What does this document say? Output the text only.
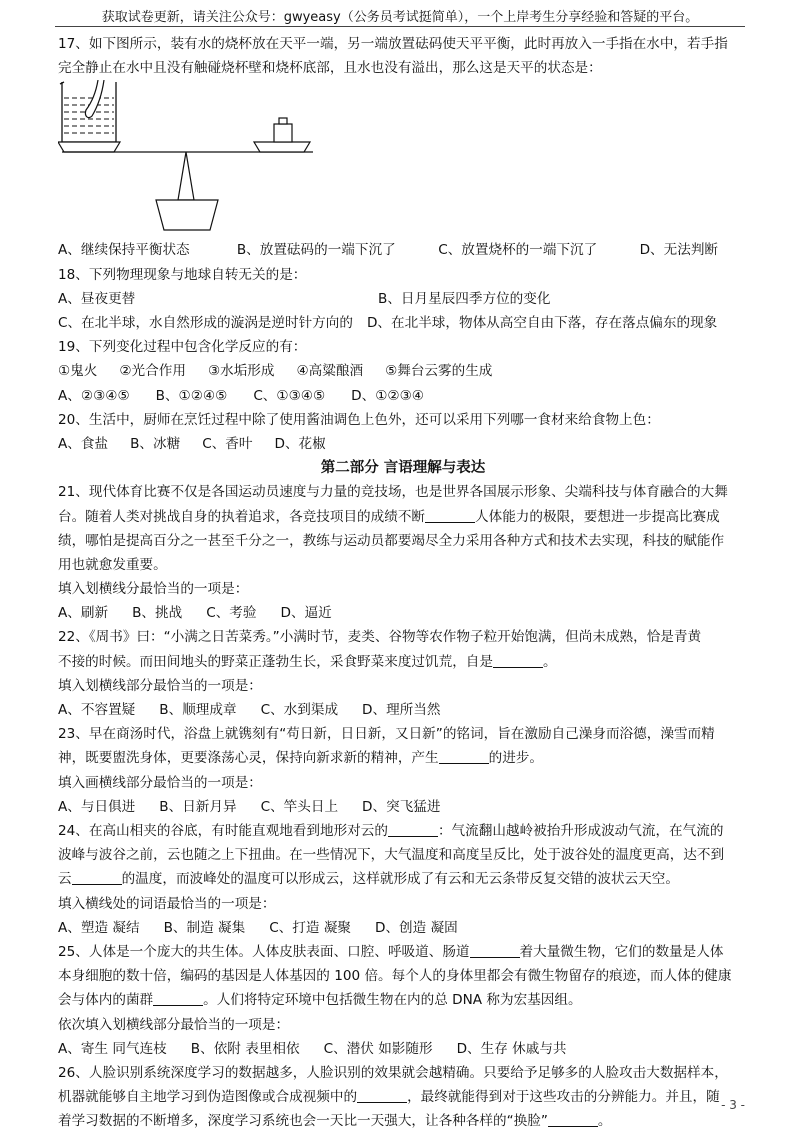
获取试卷更新，请关注公众号：gwyeasy（公务员考试挺简单），一个上岸考生分享经验和答疑的平台。
17、如下图所示，装有水的烧杯放在天平一端，另一端放置砝码使天平平衡，此时再放入一手指在水中，若手指
完全静止在水中且没有触碰烧杯壁和烧杯底部，且水也没有溢出，那么这是天平的状态是：
A、继续保持平衡状态	B、放置砝码的一端下沉了	C、放置烧杯的一端下沉了	D、无法判断
18、下列物理现象与地球自转无关的是：
A、昼夜更替	B、日月星辰四季方位的变化
C、在北半球，水自然形成的漩涡是逆时针方向的 D、在北半球，物体从高空自由下落，存在落点偏东的现象
19、下列变化过程中包含化学反应的有：
①鬼火 ②光合作用 ③水垢形成 ④高粱酿酒 ⑤舞台云雾的生成
A、②③④⑤ B、①②④⑤ C、①③④⑤ D、①②③④
20、生活中，厨师在烹饪过程中除了使用酱油调色上色外，还可以采用下列哪一食材来给食物上色：
A、食盐 B、冰糖 C、香叶 D、花椒
第二部分 言语理解与表达
21、现代体育比赛不仅是各国运动员速度与力量的竞技场，也是世界各国展示形象、尖端科技与体育融合的大舞
台。随着人类对挑战自身的执着追求，各竞技项目的成绩不断	人体能力的极限，要想进一步提高比赛成
绩，哪怕是提高百分之一甚至千分之一，教练与运动员都要竭尽全力采用各种方式和技术去实现，科技的赋能作
用也就愈发重要。
填入划横线分最恰当的一项是：
A、刷新 B、挑战 C、考验 D、逼近
22、《周书》曰：“小满之日苦菜秀。”小满时节，麦类、谷物等农作物子粒开始饱满，但尚未成熟，恰是青黄
不接的时候。而田间地头的野菜正蓬勃生长，采食野菜来度过饥荒，自是	。
填入划横线部分最恰当的一项是：
A、不容置疑 B、顺理成章 C、水到渠成 D、理所当然
23、早在商汤时代，浴盘上就镌刻有“苟日新，日日新，又日新”的铭词，旨在激励自己澡身而浴德，澡雪而精
神，既要盥洗身体，更要涤荡心灵，保持向新求新的精神，产生	的进步。
填入画横线部分最恰当的一项是：
A、与日俱进 B、日新月异 C、竿头日上 D、突飞猛进
24、在高山相夹的谷底，有时能直观地看到地形对云的	：气流翻山越岭被抬升形成波动气流，在气流的
波峰与波谷之前，云也随之上下扭曲。在一些情况下，大气温度和高度呈反比，处于波谷处的温度更高，达不到
云	的温度，而波峰处的温度可以形成云，这样就形成了有云和无云条带反复交错的波状云天空。
填入横线处的词语最恰当的一项是：
A、塑造 凝结 B、制造 凝集 C、打造 凝聚 D、创造 凝固
25、人体是一个庞大的共生体。人体皮肤表面、口腔、呼吸道、肠道	着大量微生物，它们的数量是人体
本身细胞的数十倍，编码的基因是人体基因的 100 倍。每个人的身体里都会有微生物留存的痕迹，而人体的健康
会与体内的菌群	。人们将特定环境中包括微生物在内的总 DNA 称为宏基因组。
依次填入划横线部分最恰当的一项是：
A、寄生 同气连枝 B、依附 表里相依 C、潜伏 如影随形 D、生存 休戚与共
26、人脸识别系统深度学习的数据越多，人脸识别的效果就会越精确。只要给予足够多的人脸攻击大数据样本，
机器就能够自主地学习到伪造图像或合成视频中的	，最终就能得到对于这些攻击的分辨能力。并且，随
着学习数据的不断增多，深度学习系统也会一天比一天强大，让各种各样的“换脸”	。
- 3 -
